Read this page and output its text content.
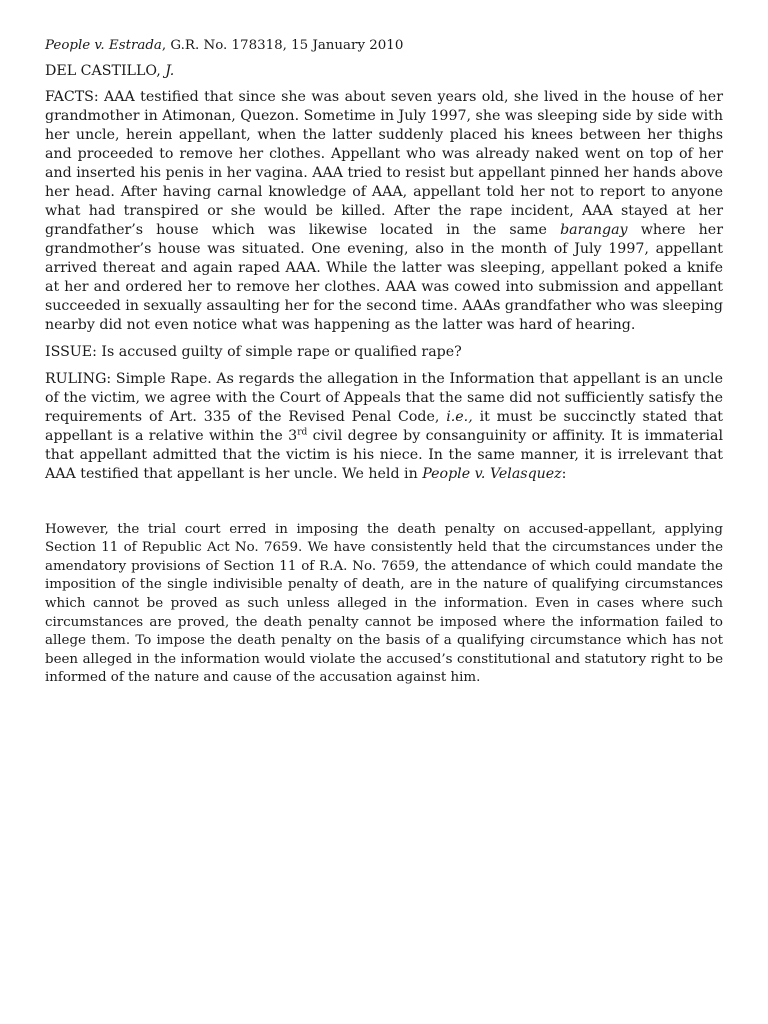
People v. Estrada, G.R. No. 178318, 15 January 2010

DEL CASTILLO, J.

FACTS: AAA testified that since she was about seven years old, she lived in the house of her grandmother in Atimonan, Quezon. Sometime in July 1997, she was sleeping side by side with her uncle, herein appellant, when the latter suddenly placed his knees between her thighs and proceeded to remove her clothes. Appellant who was already naked went on top of her and inserted his penis in her vagina. AAA tried to resist but appellant pinned her hands above her head. After having carnal knowledge of AAA, appellant told her not to report to anyone what had transpired or she would be killed. After the rape incident, AAA stayed at her grandfather’s house which was likewise located in the same barangay where her grandmother’s house was situated. One evening, also in the month of July 1997, appellant arrived thereat and again raped AAA. While the latter was sleeping, appellant poked a knife at her and ordered her to remove her clothes. AAA was cowed into submission and appellant succeeded in sexually assaulting her for the second time. AAAs grandfather who was sleeping nearby did not even notice what was happening as the latter was hard of hearing.

ISSUE: Is accused guilty of simple rape or qualified rape?

RULING: Simple Rape. As regards the allegation in the Information that appellant is an uncle of the victim, we agree with the Court of Appeals that the same did not sufficiently satisfy the requirements of Art. 335 of the Revised Penal Code, i.e., it must be succinctly stated that appellant is a relative within the 3rd civil degree by consanguinity or affinity. It is immaterial that appellant admitted that the victim is his niece. In the same manner, it is irrelevant that AAA testified that appellant is her uncle. We held in People v. Velasquez:

However, the trial court erred in imposing the death penalty on accused-appellant, applying Section 11 of Republic Act No. 7659. We have consistently held that the circumstances under the amendatory provisions of Section 11 of R.A. No. 7659, the attendance of which could mandate the imposition of the single indivisible penalty of death, are in the nature of qualifying circumstances which cannot be proved as such unless alleged in the information. Even in cases where such circumstances are proved, the death penalty cannot be imposed where the information failed to allege them. To impose the death penalty on the basis of a qualifying circumstance which has not been alleged in the information would violate the accused’s constitutional and statutory right to be informed of the nature and cause of the accusation against him.
